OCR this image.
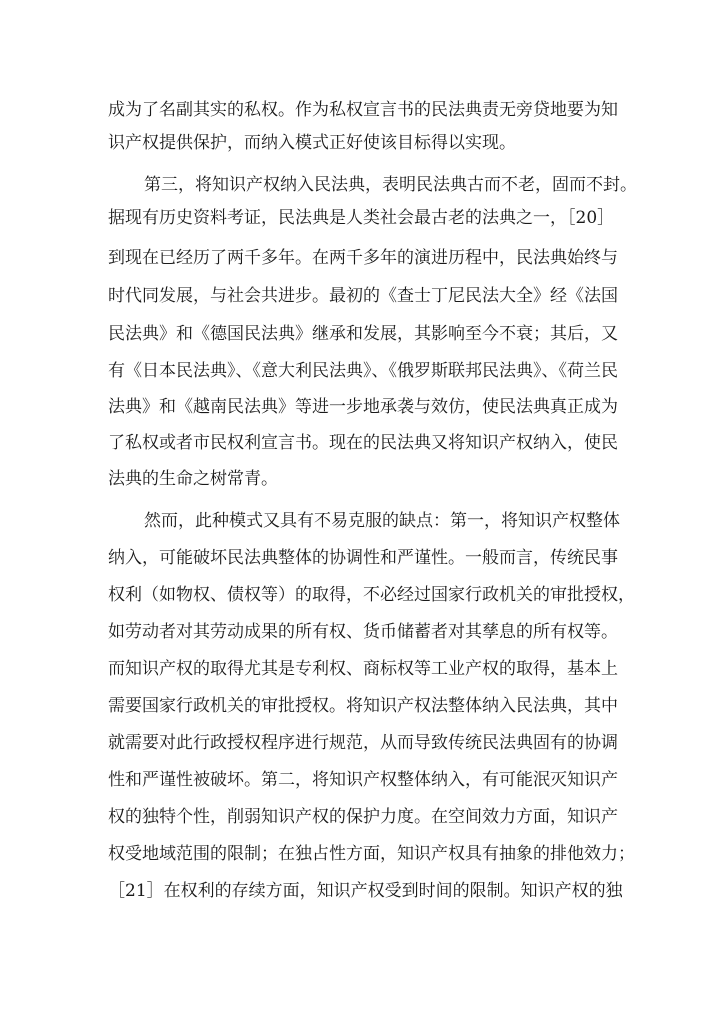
成为了名副其实的私权。作为私权宣言书的民法典责无旁贷地要为知
识产权提供保护，而纳入模式正好使该目标得以实现。
第三，将知识产权纳入民法典，表明民法典古而不老，固而不封。
据现有历史资料考证，民法典是人类社会最古老的法典之一，［20］
到现在已经历了两千多年。在两千多年的演进历程中，民法典始终与
时代同发展，与社会共进步。最初的《查士丁尼民法大全》经《法国
民法典》和《德国民法典》继承和发展，其影响至今不衰；其后，又
有《日本民法典》、《意大利民法典》、《俄罗斯联邦民法典》、《荷兰民
法典》和《越南民法典》等进一步地承袭与效仿，使民法典真正成为
了私权或者市民权利宣言书。现在的民法典又将知识产权纳入，使民
法典的生命之树常青。
然而，此种模式又具有不易克服的缺点：第一，将知识产权整体
纳入，可能破坏民法典整体的协调性和严谨性。一般而言，传统民事
权利（如物权、债权等）的取得，不必经过国家行政机关的审批授权，
如劳动者对其劳动成果的所有权、货币储蓄者对其孳息的所有权等。
而知识产权的取得尤其是专利权、商标权等工业产权的取得，基本上
需要国家行政机关的审批授权。将知识产权法整体纳入民法典，其中
就需要对此行政授权程序进行规范，从而导致传统民法典固有的协调
性和严谨性被破坏。第二，将知识产权整体纳入，有可能泯灭知识产
权的独特个性，削弱知识产权的保护力度。在空间效力方面，知识产
权受地域范围的限制；在独占性方面，知识产权具有抽象的排他效力；
［21］在权利的存续方面，知识产权受到时间的限制。知识产权的独
